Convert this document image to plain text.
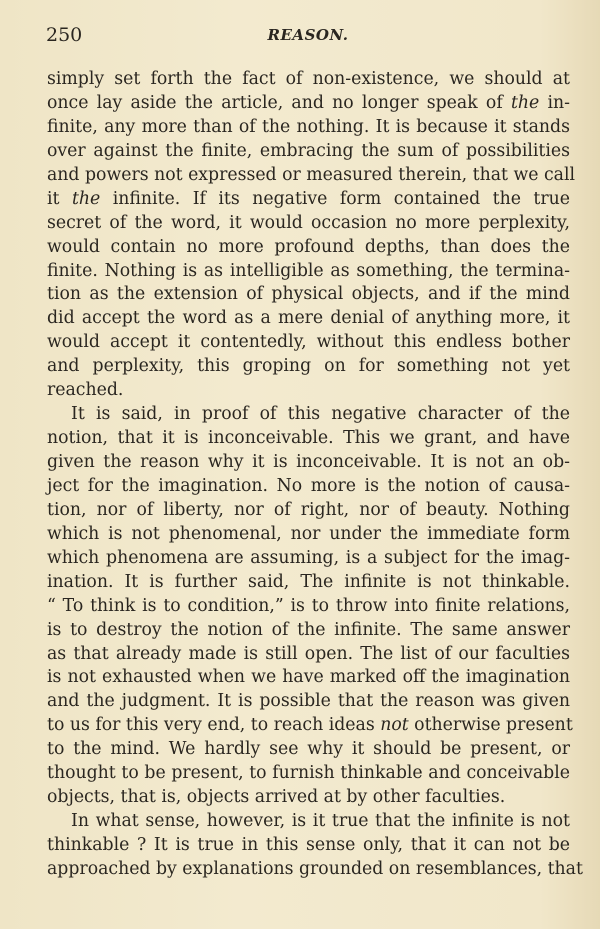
250	REASON.
simply set forth the fact of non-existence, we should at
once lay aside the article, and no longer speak of the in-
finite, any more than of the nothing. It is because it stands
over against the finite, embracing the sum of possibilities
and powers not expressed or measured therein, that we call
it the infinite. If its negative form contained the true
secret of the word, it would occasion no more perplexity,
would contain no more profound depths, than does the
finite. Nothing is as intelligible as something, the termina-
tion as the extension of physical objects, and if the mind
did accept the word as a mere denial of anything more, it
would accept it contentedly, without this endless bother
and perplexity, this groping on for something not yet
reached.
It is said, in proof of this negative character of the
notion, that it is inconceivable. This we grant, and have
given the reason why it is inconceivable. It is not an ob-
ject for the imagination. No more is the notion of causa-
tion, nor of liberty, nor of right, nor of beauty. Nothing
which is not phenomenal, nor under the immediate form
which phenomena are assuming, is a subject for the imag-
ination. It is further said, The infinite is not thinkable.
“ To think is to condition,” is to throw into finite relations,
is to destroy the notion of the infinite. The same answer
as that already made is still open. The list of our faculties
is not exhausted when we have marked off the imagination
and the judgment. It is possible that the reason was given
to us for this very end, to reach ideas not otherwise present
to the mind. We hardly see why it should be present, or
thought to be present, to furnish thinkable and conceivable
objects, that is, objects arrived at by other faculties.
In what sense, however, is it true that the infinite is not
thinkable ? It is true in this sense only, that it can not be
approached by explanations grounded on resemblances, that
